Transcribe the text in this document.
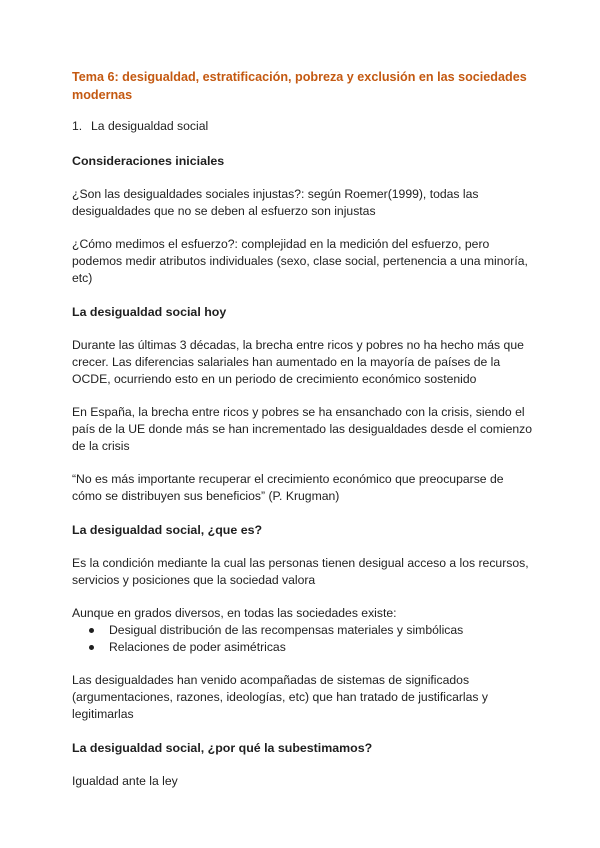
Tema 6: desigualdad, estratificación, pobreza y exclusión en las sociedades modernas

1. La desigualdad social
Consideraciones iniciales

¿Son las desigualdades sociales injustas?: según Roemer(1999), todas las desigualdades que no se deben al esfuerzo son injustas

¿Cómo medimos el esfuerzo?: complejidad en la medición del esfuerzo, pero podemos medir atributos individuales (sexo, clase social, pertenencia a una minoría, etc)

La desigualdad social hoy

Durante las últimas 3 décadas, la brecha entre ricos y pobres no ha hecho más que crecer. Las diferencias salariales han aumentado en la mayoría de países de la OCDE, ocurriendo esto en un periodo de crecimiento económico sostenido

En España, la brecha entre ricos y pobres se ha ensanchado con la crisis, siendo el país de la UE donde más se han incrementado las desigualdades desde el comienzo de la crisis

“No es más importante recuperar el crecimiento económico que preocuparse de cómo se distribuyen sus beneficios” (P. Krugman)

La desigualdad social, ¿que es?

Es la condición mediante la cual las personas tienen desigual acceso a los recursos, servicios y posiciones que la sociedad valora

Aunque en grados diversos, en todas las sociedades existe:

Desigual distribución de las recompensas materiales y simbólicas
Relaciones de poder asimétricas

Las desigualdades han venido acompañadas de sistemas de significados (argumentaciones, razones, ideologías, etc) que han tratado de justificarlas y legitimarlas

La desigualdad social, ¿por qué la subestimamos?

Igualdad ante la ley
